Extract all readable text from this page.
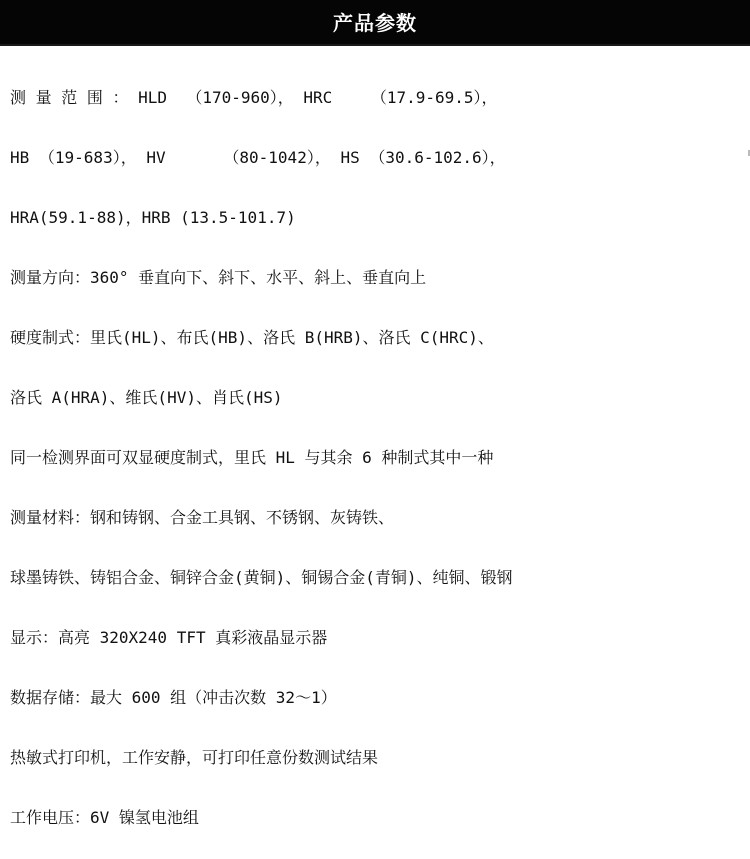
产品参数
测 量 范 围 ： HLD  （170-960）， HRC    （17.9-69.5），
HB （19-683）， HV      （80-1042）， HS （30.6-102.6），
HRA(59.1-88)，HRB (13.5-101.7)
测量方向：360° 垂直向下、斜下、水平、斜上、垂直向上
硬度制式：里氏(HL)、布氏(HB)、洛氏 B(HRB)、洛氏 C(HRC)、
洛氏 A(HRA)、维氏(HV)、肖氏(HS)
同一检测界面可双显硬度制式，里氏 HL 与其余 6 种制式其中一种
测量材料：钢和铸钢、合金工具钢、不锈钢、灰铸铁、
球墨铸铁、铸铝合金、铜锌合金(黄铜)、铜锡合金(青铜)、纯铜、锻钢
显示：高亮 320X240 TFT 真彩液晶显示器
数据存储：最大 600 组（冲击次数 32～1）
热敏式打印机，工作安静，可打印任意份数测试结果
工作电压：6V 镍氢电池组
